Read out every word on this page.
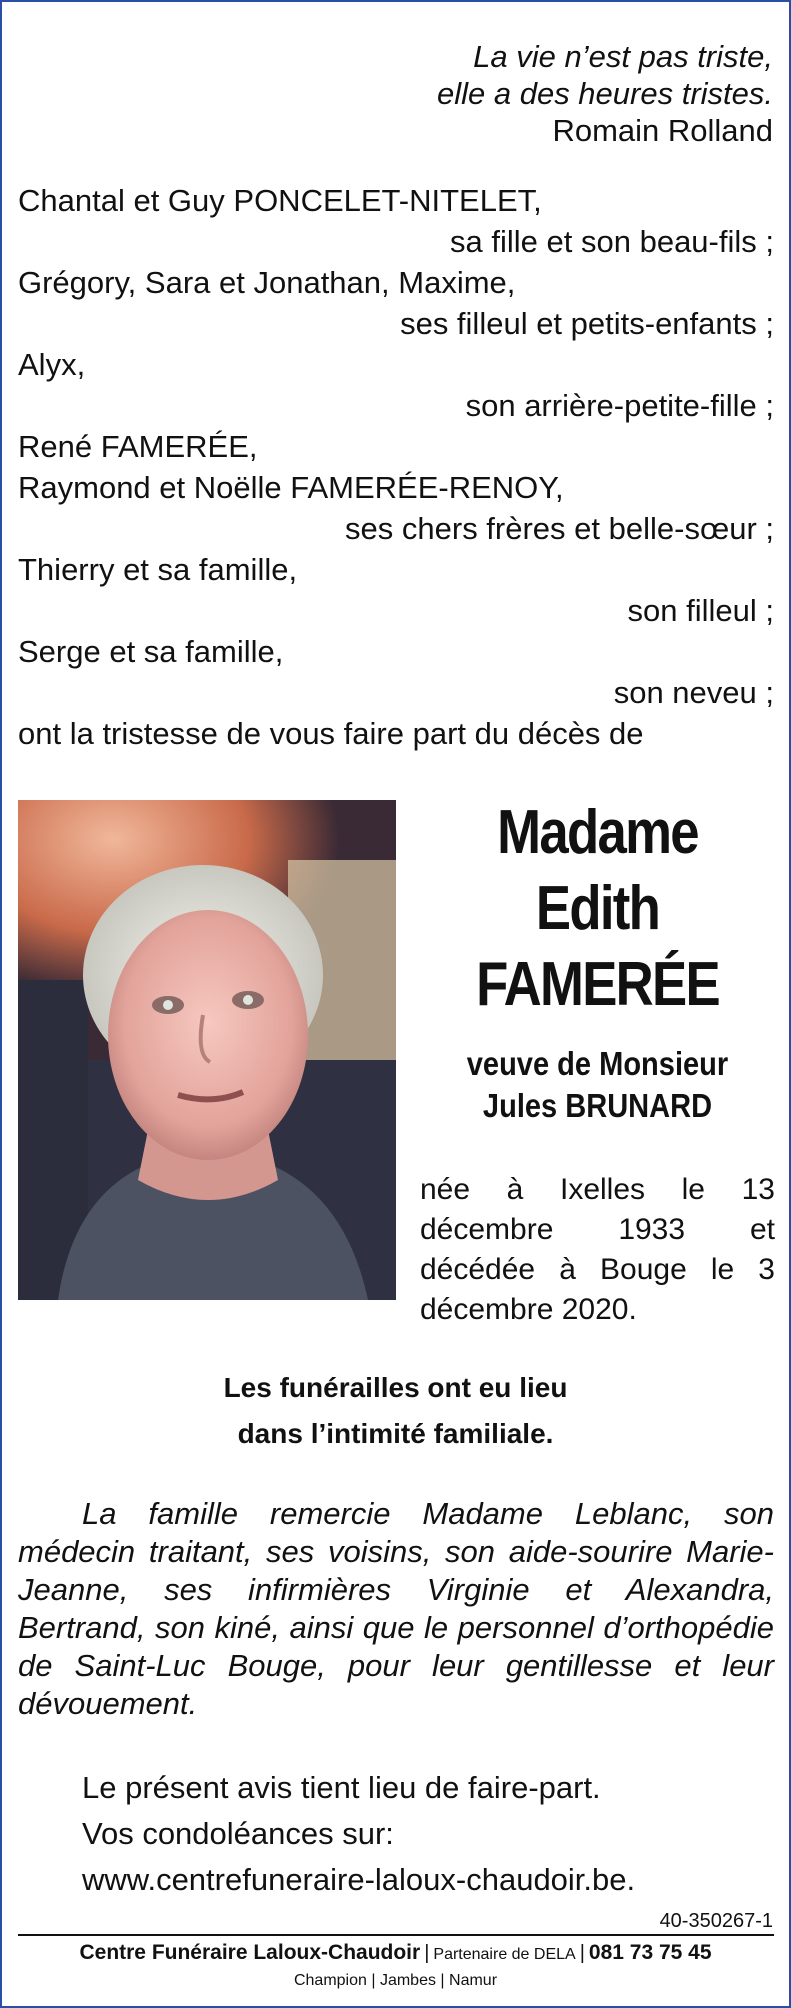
La vie n’est pas triste,
elle a des heures tristes.
Romain Rolland
Chantal et Guy PONCELET-NITELET,
sa fille et son beau-fils ;
Grégory, Sara et Jonathan, Maxime,
ses filleul et petits-enfants ;
Alyx,
son arrière-petite-fille ;
René FAMERÉE,
Raymond et Noëlle FAMERÉE-RENOY,
ses chers frères et belle-sœur ;
Thierry et sa famille,
son filleul ;
Serge et sa famille,
son neveu ;
ont la tristesse de vous faire part du décès de
Madame
Edith
FAMERÉE
veuve de Monsieur
Jules BRUNARD
née à Ixelles le 13 décembre 1933 et décédée à Bouge le 3 décembre 2020.
Les funérailles ont eu lieu
dans l’intimité familiale.
La famille remercie Madame Leblanc, son médecin traitant, ses voisins, son aide-sourire Marie-Jeanne, ses infirmières Virginie et Alexandra, Bertrand, son kiné, ainsi que le personnel d’orthopédie de Saint-Luc Bouge, pour leur gentillesse et leur dévouement.
Le présent avis tient lieu de faire-part.
Vos condoléances sur:
www.centrefuneraire-laloux-chaudoir.be.
40-350267-1
Centre Funéraire Laloux-Chaudoir | Partenaire de DELA | 081 73 75 45
Champion | Jambes | Namur
